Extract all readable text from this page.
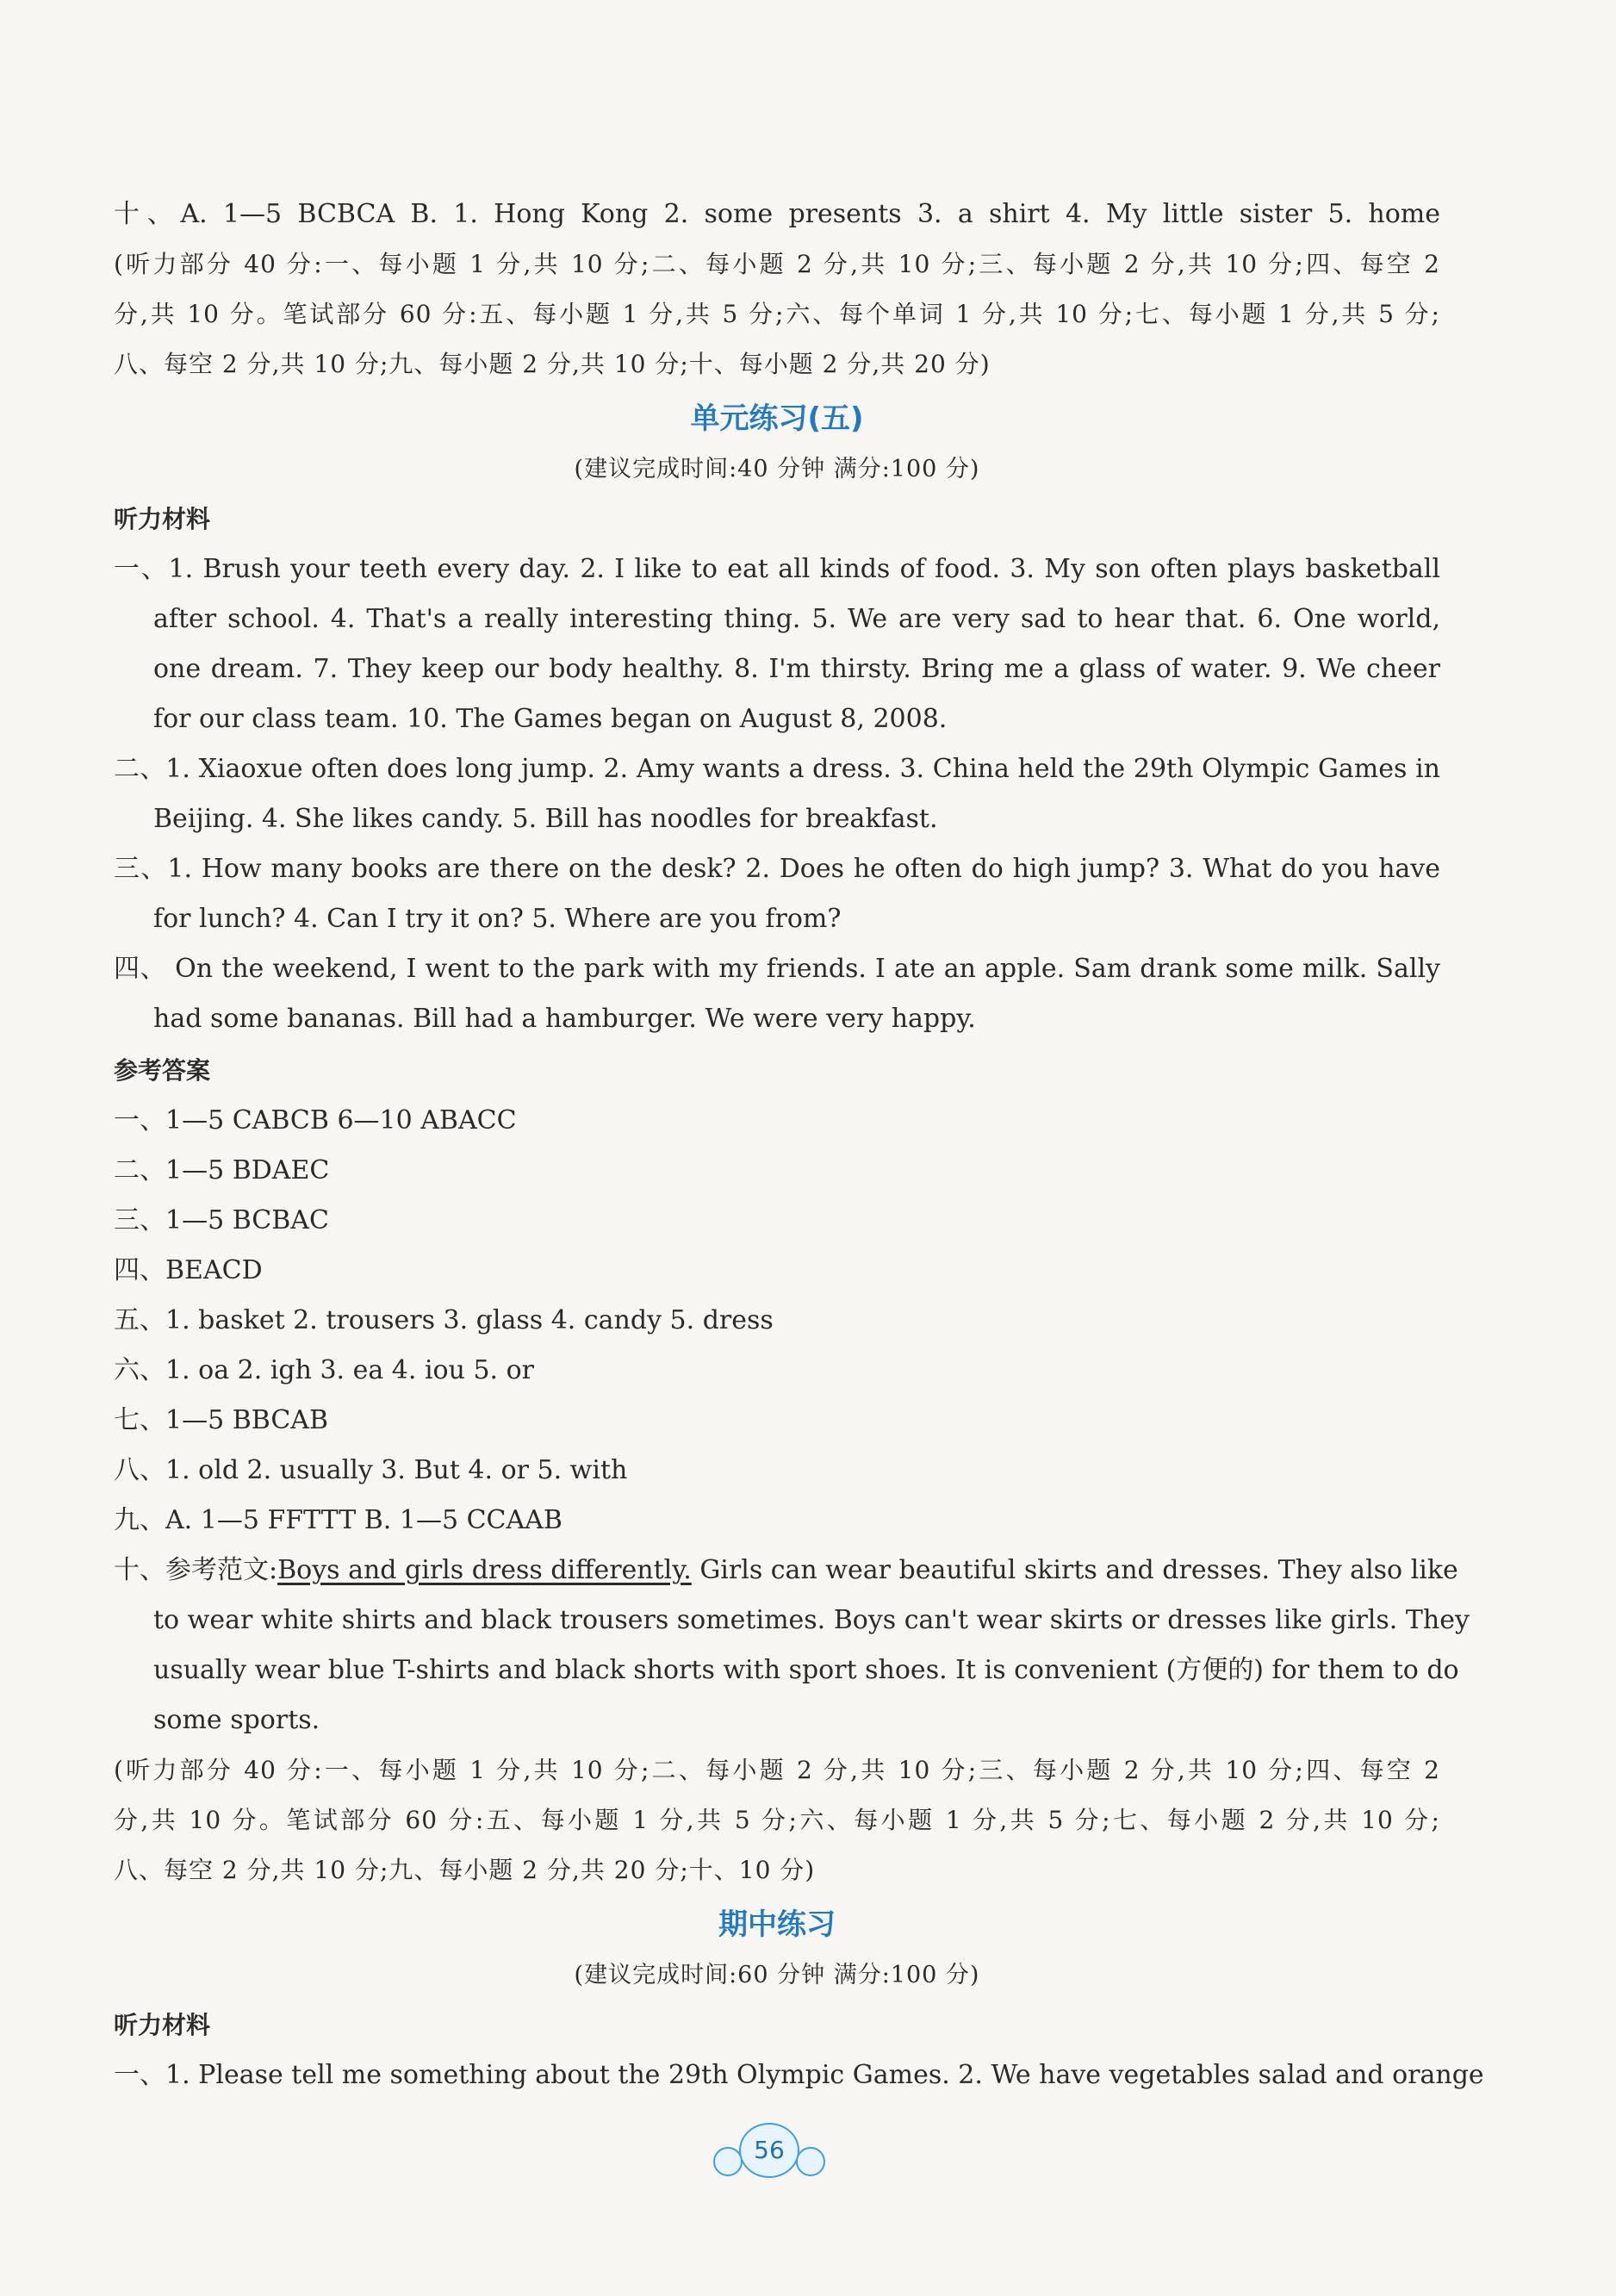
十、A. 1—5 BCBCA B. 1. Hong Kong 2. some presents 3. a shirt 4. My little sister 5. home
(听力部分 40 分:一、每小题 1 分,共 10 分;二、每小题 2 分,共 10 分;三、每小题 2 分,共 10 分;四、每空 2
分,共 10 分。笔试部分 60 分:五、每小题 1 分,共 5 分;六、每个单词 1 分,共 10 分;七、每小题 1 分,共 5 分;
八、每空 2 分,共 10 分;九、每小题 2 分,共 10 分;十、每小题 2 分,共 20 分)
单元练习(五)
(建议完成时间:40 分钟 满分:100 分)
听力材料
一、1. Brush your teeth every day. 2. I like to eat all kinds of food. 3. My son often plays basketball
after school. 4. That's a really interesting thing. 5. We are very sad to hear that. 6. One world,
one dream. 7. They keep our body healthy. 8. I'm thirsty. Bring me a glass of water. 9. We cheer
for our class team. 10. The Games began on August 8, 2008.
二、1. Xiaoxue often does long jump. 2. Amy wants a dress. 3. China held the 29th Olympic Games in
Beijing. 4. She likes candy. 5. Bill has noodles for breakfast.
三、1. How many books are there on the desk? 2. Does he often do high jump? 3. What do you have
for lunch? 4. Can I try it on? 5. Where are you from?
四、 On the weekend, I went to the park with my friends. I ate an apple. Sam drank some milk. Sally
had some bananas. Bill had a hamburger. We were very happy.
参考答案
一、1—5 CABCB 6—10 ABACC
二、1—5 BDAEC
三、1—5 BCBAC
四、BEACD
五、1. basket 2. trousers 3. glass 4. candy 5. dress
六、1. oa 2. igh 3. ea 4. iou 5. or
七、1—5 BBCAB
八、1. old 2. usually 3. But 4. or 5. with
九、A. 1—5 FFTTT B. 1—5 CCAAB
十、参考范文:Boys and girls dress differently. Girls can wear beautiful skirts and dresses. They also like
to wear white shirts and black trousers sometimes. Boys can't wear skirts or dresses like girls. They
usually wear blue T-shirts and black shorts with sport shoes. It is convenient (方便的) for them to do
some sports.
(听力部分 40 分:一、每小题 1 分,共 10 分;二、每小题 2 分,共 10 分;三、每小题 2 分,共 10 分;四、每空 2
分,共 10 分。笔试部分 60 分:五、每小题 1 分,共 5 分;六、每小题 1 分,共 5 分;七、每小题 2 分,共 10 分;
八、每空 2 分,共 10 分;九、每小题 2 分,共 20 分;十、10 分)
期中练习
(建议完成时间:60 分钟 满分:100 分)
听力材料
一、1. Please tell me something about the 29th Olympic Games. 2. We have vegetables salad and orange
56
